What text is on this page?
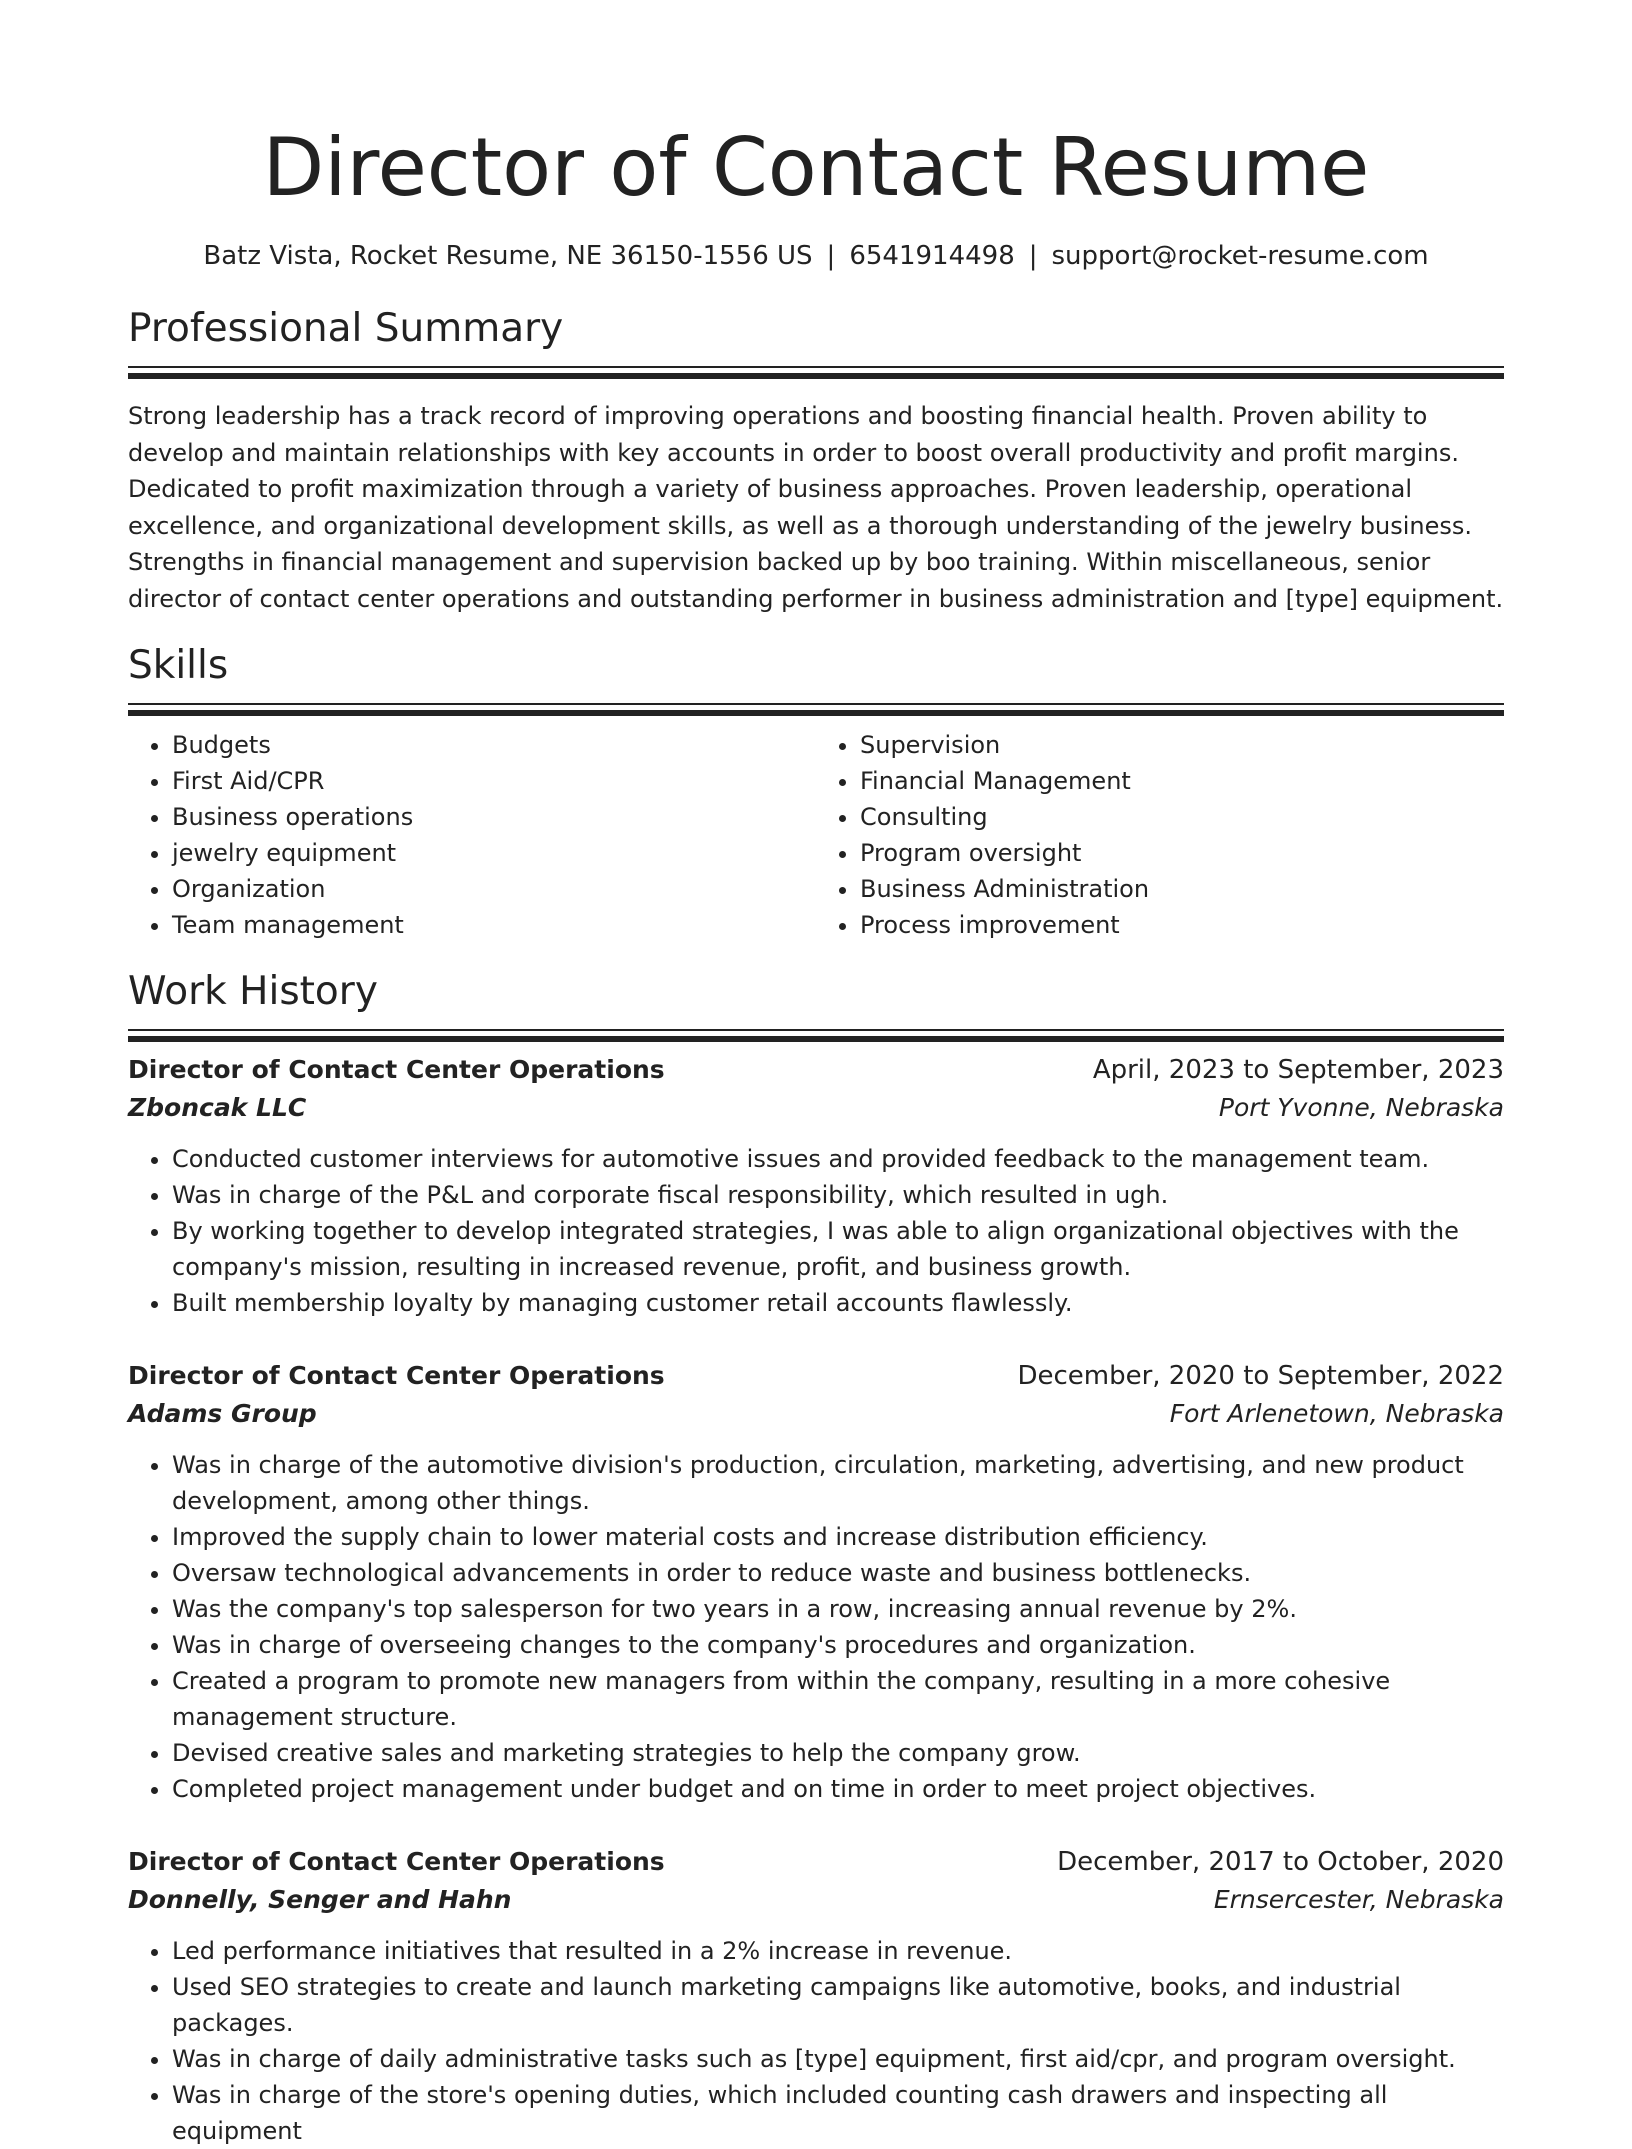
Director of Contact Resume
Batz Vista, Rocket Resume, NE 36150-1556 US | 6541914498 | support@rocket-resume.com
Professional Summary
Strong leadership has a track record of improving operations and boosting financial health. Proven ability to develop and maintain relationships with key accounts in order to boost overall productivity and profit margins. Dedicated to profit maximization through a variety of business approaches. Proven leadership, operational excellence, and organizational development skills, as well as a thorough understanding of the jewelry business. Strengths in financial management and supervision backed up by boo training. Within miscellaneous, senior director of contact center operations and outstanding performer in business administration and [type] equipment.
Skills
• Budgets
• First Aid/CPR
• Business operations
• jewelry equipment
• Organization
• Team management
• Supervision
• Financial Management
• Consulting
• Program oversight
• Business Administration
• Process improvement
Work History
Director of Contact Center Operations	April, 2023 to September, 2023
Zboncak LLC	Port Yvonne, Nebraska
• Conducted customer interviews for automotive issues and provided feedback to the management team.
• Was in charge of the P&L and corporate fiscal responsibility, which resulted in ugh.
• By working together to develop integrated strategies, I was able to align organizational objectives with the company's mission, resulting in increased revenue, profit, and business growth.
• Built membership loyalty by managing customer retail accounts flawlessly.
Director of Contact Center Operations	December, 2020 to September, 2022
Adams Group	Fort Arlenetown, Nebraska
• Was in charge of the automotive division's production, circulation, marketing, advertising, and new product development, among other things.
• Improved the supply chain to lower material costs and increase distribution efficiency.
• Oversaw technological advancements in order to reduce waste and business bottlenecks.
• Was the company's top salesperson for two years in a row, increasing annual revenue by 2%.
• Was in charge of overseeing changes to the company's procedures and organization.
• Created a program to promote new managers from within the company, resulting in a more cohesive management structure.
• Devised creative sales and marketing strategies to help the company grow.
• Completed project management under budget and on time in order to meet project objectives.
Director of Contact Center Operations	December, 2017 to October, 2020
Donnelly, Senger and Hahn	Ernsercester, Nebraska
• Led performance initiatives that resulted in a 2% increase in revenue.
• Used SEO strategies to create and launch marketing campaigns like automotive, books, and industrial packages.
• Was in charge of daily administrative tasks such as [type] equipment, first aid/cpr, and program oversight.
• Was in charge of the store's opening duties, which included counting cash drawers and inspecting all equipment
